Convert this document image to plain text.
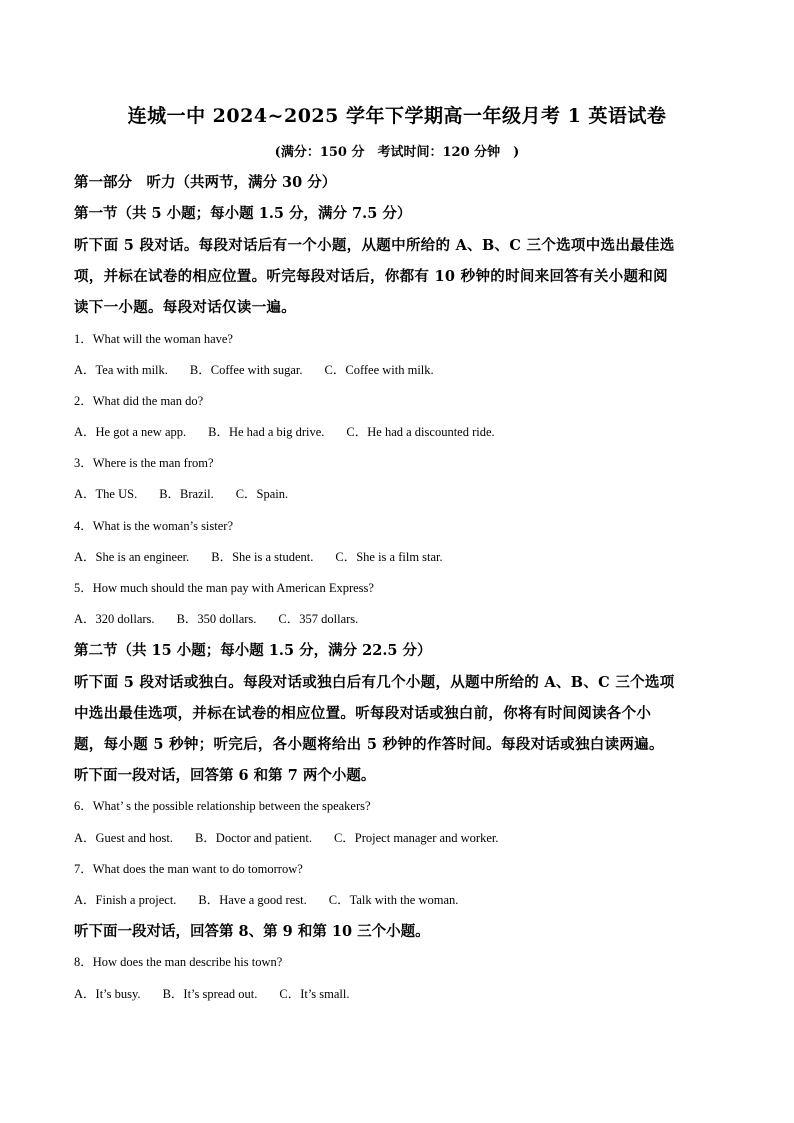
连城一中 2024~2025 学年下学期高一年级月考 1 英语试卷
(满分：150 分　考试时间：120 分钟　)
第一部分　听力（共两节，满分 30 分）
第一节（共 5 小题；每小题 1.5 分，满分 7.5 分）
听下面 5 段对话。每段对话后有一个小题，从题中所给的 A、B、C 三个选项中选出最佳选
项，并标在试卷的相应位置。听完每段对话后，你都有 10 秒钟的时间来回答有关小题和阅
读下一小题。每段对话仅读一遍。
1．What will the woman have?
A．Tea with milk. B．Coffee with sugar. C．Coffee with milk.
2．What did the man do?
A．He got a new app. B．He had a big drive. C．He had a discounted ride.
3．Where is the man from?
A．The US. B．Brazil. C．Spain.
4．What is the woman’s sister?
A．She is an engineer. B．She is a student. C．She is a film star.
5．How much should the man pay with American Express?
A．320 dollars. B．350 dollars. C．357 dollars.
第二节（共 15 小题；每小题 1.5 分，满分 22.5 分）
听下面 5 段对话或独白。每段对话或独白后有几个小题，从题中所给的 A、B、C 三个选项
中选出最佳选项，并标在试卷的相应位置。听每段对话或独白前，你将有时间阅读各个小
题，每小题 5 秒钟；听完后，各小题将给出 5 秒钟的作答时间。每段对话或独白读两遍。
听下面一段对话，回答第 6 和第 7 两个小题。
6．What’ s the possible relationship between the speakers?
A．Guest and host. B．Doctor and patient. C．Project manager and worker.
7．What does the man want to do tomorrow?
A．Finish a project. B．Have a good rest. C．Talk with the woman.
听下面一段对话，回答第 8、第 9 和第 10 三个小题。
8．How does the man describe his town?
A．It’s busy. B．It’s spread out. C．It’s small.
